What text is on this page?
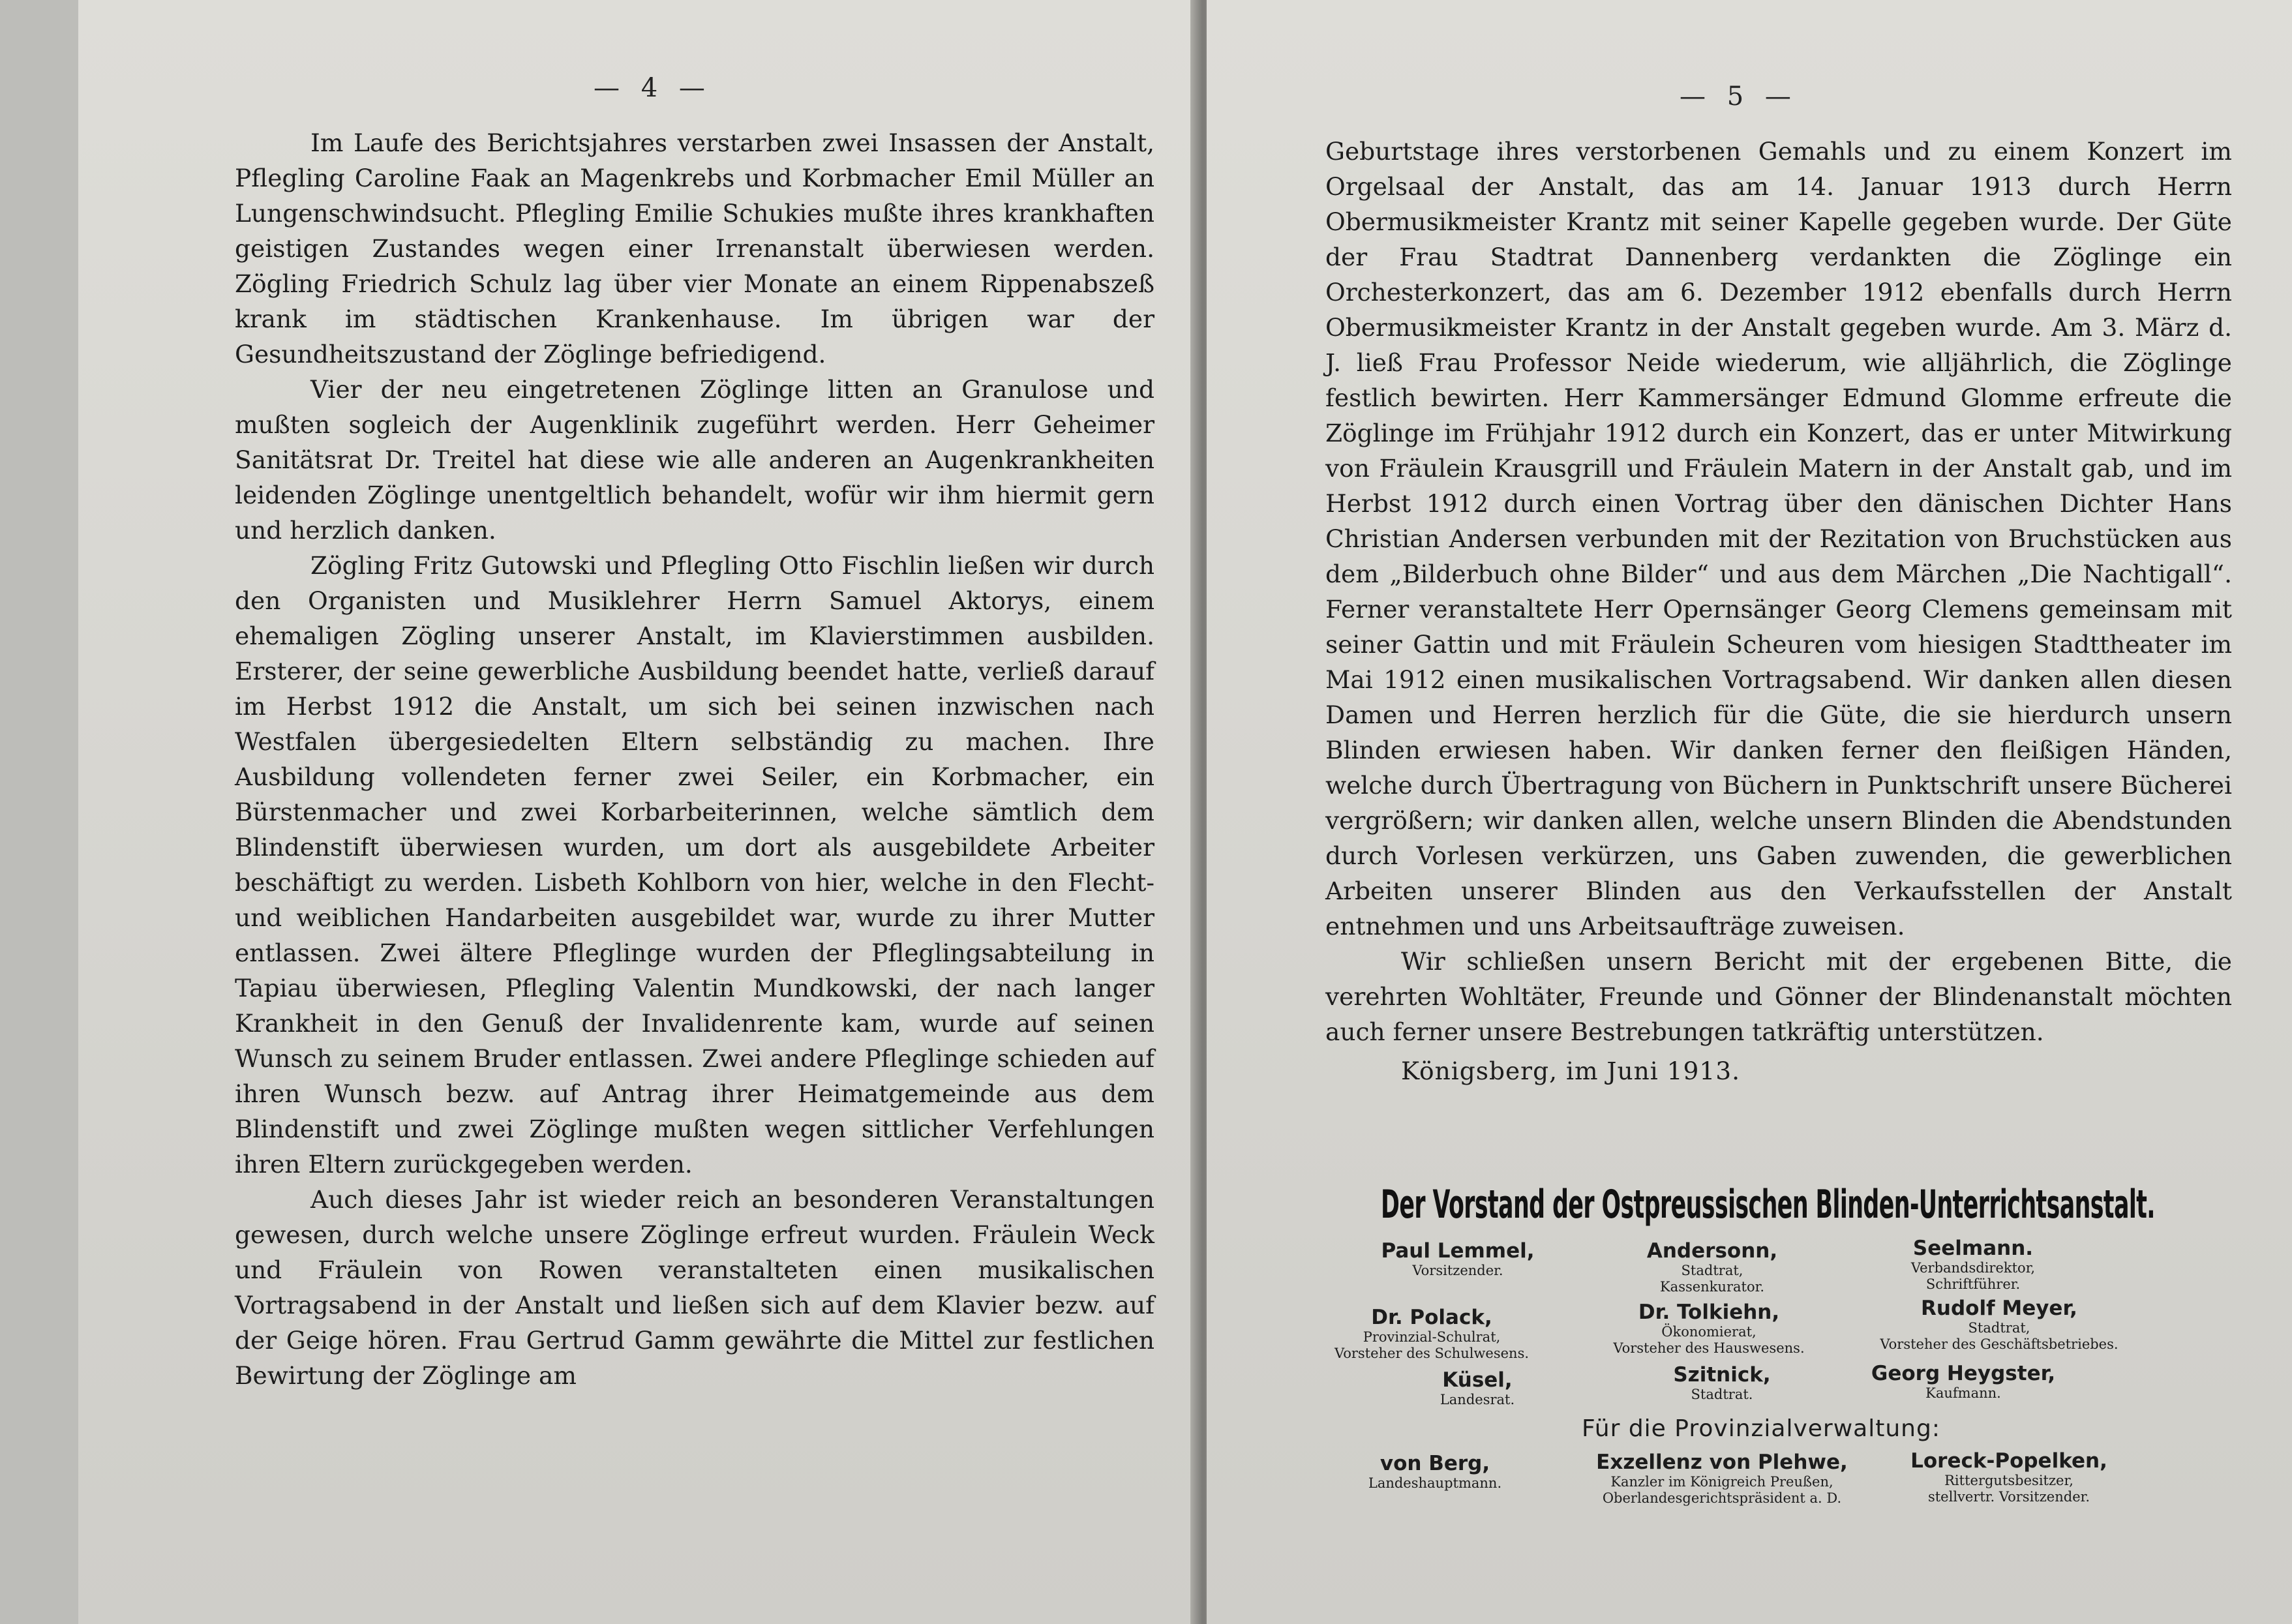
— 4 —

Im Laufe des Berichtsjahres verstarben zwei Insassen der Anstalt, Pflegling Caroline Faak an Magenkrebs und Korbmacher Emil Müller an Lungenschwindsucht. Pflegling Emilie Schukies mußte ihres krankhaften geistigen Zustandes wegen einer Irrenanstalt überwiesen werden. Zögling Friedrich Schulz lag über vier Monate an einem Rippenabszeß krank im städtischen Krankenhause. Im übrigen war der Gesundheitszustand der Zöglinge befriedigend.

Vier der neu eingetretenen Zöglinge litten an Granulose und mußten sogleich der Augenklinik zugeführt werden. Herr Geheimer Sanitätsrat Dr. Treitel hat diese wie alle anderen an Augenkrankheiten leidenden Zöglinge unentgeltlich behandelt, wofür wir ihm hiermit gern und herzlich danken.

Zögling Fritz Gutowski und Pflegling Otto Fischlin ließen wir durch den Organisten und Musiklehrer Herrn Samuel Aktorys, einem ehemaligen Zögling unserer Anstalt, im Klavierstimmen ausbilden. Ersterer, der seine gewerbliche Ausbildung beendet hatte, verließ darauf im Herbst 1912 die Anstalt, um sich bei seinen inzwischen nach Westfalen übergesiedelten Eltern selbständig zu machen. Ihre Ausbildung vollendeten ferner zwei Seiler, ein Korbmacher, ein Bürstenmacher und zwei Korbarbeiterinnen, welche sämtlich dem Blindenstift überwiesen wurden, um dort als ausgebildete Arbeiter beschäftigt zu werden. Lisbeth Kohlborn von hier, welche in den Flecht- und weiblichen Handarbeiten ausgebildet war, wurde zu ihrer Mutter entlassen. Zwei ältere Pfleglinge wurden der Pfleglingsabteilung in Tapiau überwiesen, Pflegling Valentin Mundkowski, der nach langer Krankheit in den Genuß der Invalidenrente kam, wurde auf seinen Wunsch zu seinem Bruder entlassen. Zwei andere Pfleglinge schieden auf ihren Wunsch bezw. auf Antrag ihrer Heimatgemeinde aus dem Blindenstift und zwei Zöglinge mußten wegen sittlicher Verfehlungen ihren Eltern zurückgegeben werden.

Auch dieses Jahr ist wieder reich an besonderen Veranstaltungen gewesen, durch welche unsere Zöglinge erfreut wurden. Fräulein Weck und Fräulein von Rowen veranstalteten einen musikalischen Vortragsabend in der Anstalt und ließen sich auf dem Klavier bezw. auf der Geige hören. Frau Gertrud Gamm gewährte die Mittel zur festlichen Bewirtung der Zöglinge am

— 5 —

Geburtstage ihres verstorbenen Gemahls und zu einem Konzert im Orgelsaal der Anstalt, das am 14. Januar 1913 durch Herrn Obermusikmeister Krantz mit seiner Kapelle gegeben wurde. Der Güte der Frau Stadtrat Dannenberg verdankten die Zöglinge ein Orchesterkonzert, das am 6. Dezember 1912 ebenfalls durch Herrn Obermusikmeister Krantz in der Anstalt gegeben wurde. Am 3. März d. J. ließ Frau Professor Neide wiederum, wie alljährlich, die Zöglinge festlich bewirten. Herr Kammersänger Edmund Glomme erfreute die Zöglinge im Frühjahr 1912 durch ein Konzert, das er unter Mitwirkung von Fräulein Krausgrill und Fräulein Matern in der Anstalt gab, und im Herbst 1912 durch einen Vortrag über den dänischen Dichter Hans Christian Andersen verbunden mit der Rezitation von Bruchstücken aus dem „Bilderbuch ohne Bilder“ und aus dem Märchen „Die Nachtigall“. Ferner veranstaltete Herr Opernsänger Georg Clemens gemeinsam mit seiner Gattin und mit Fräulein Scheuren vom hiesigen Stadttheater im Mai 1912 einen musikalischen Vortragsabend. Wir danken allen diesen Damen und Herren herzlich für die Güte, die sie hierdurch unsern Blinden erwiesen haben. Wir danken ferner den fleißigen Händen, welche durch Übertragung von Büchern in Punktschrift unsere Bücherei vergrößern; wir danken allen, welche unsern Blinden die Abendstunden durch Vorlesen verkürzen, uns Gaben zuwenden, die gewerblichen Arbeiten unserer Blinden aus den Verkaufsstellen der Anstalt entnehmen und uns Arbeitsaufträge zuweisen.

Wir schließen unsern Bericht mit der ergebenen Bitte, die verehrten Wohltäter, Freunde und Gönner der Blindenanstalt möchten auch ferner unsere Bestrebungen tatkräftig unterstützen.

Königsberg, im Juni 1913.

Der Vorstand der Ostpreussischen Blinden-Unterrichtsanstalt.
Paul Lemmel,
Vorsitzender.
Andersonn,
Stadtrat,
Kassenkurator.
Seelmann.
Verbandsdirektor,
Schriftführer.
Dr. Polack,
Provinzial-Schulrat,
Vorsteher des Schulwesens.
Dr. Tolkiehn,
Ökonomierat,
Vorsteher des Hauswesens.
Rudolf Meyer,
Stadtrat,
Vorsteher des Geschäftsbetriebes.
Küsel,
Landesrat.
Szitnick,
Stadtrat.
Georg Heygster,
Kaufmann.
Für die Provinzialverwaltung:
von Berg,
Landeshauptmann.
Exzellenz von Plehwe,
Kanzler im Königreich Preußen,
Oberlandesgerichtspräsident a. D.
Loreck-Popelken,
Rittergutsbesitzer,
stellvertr. Vorsitzender.
